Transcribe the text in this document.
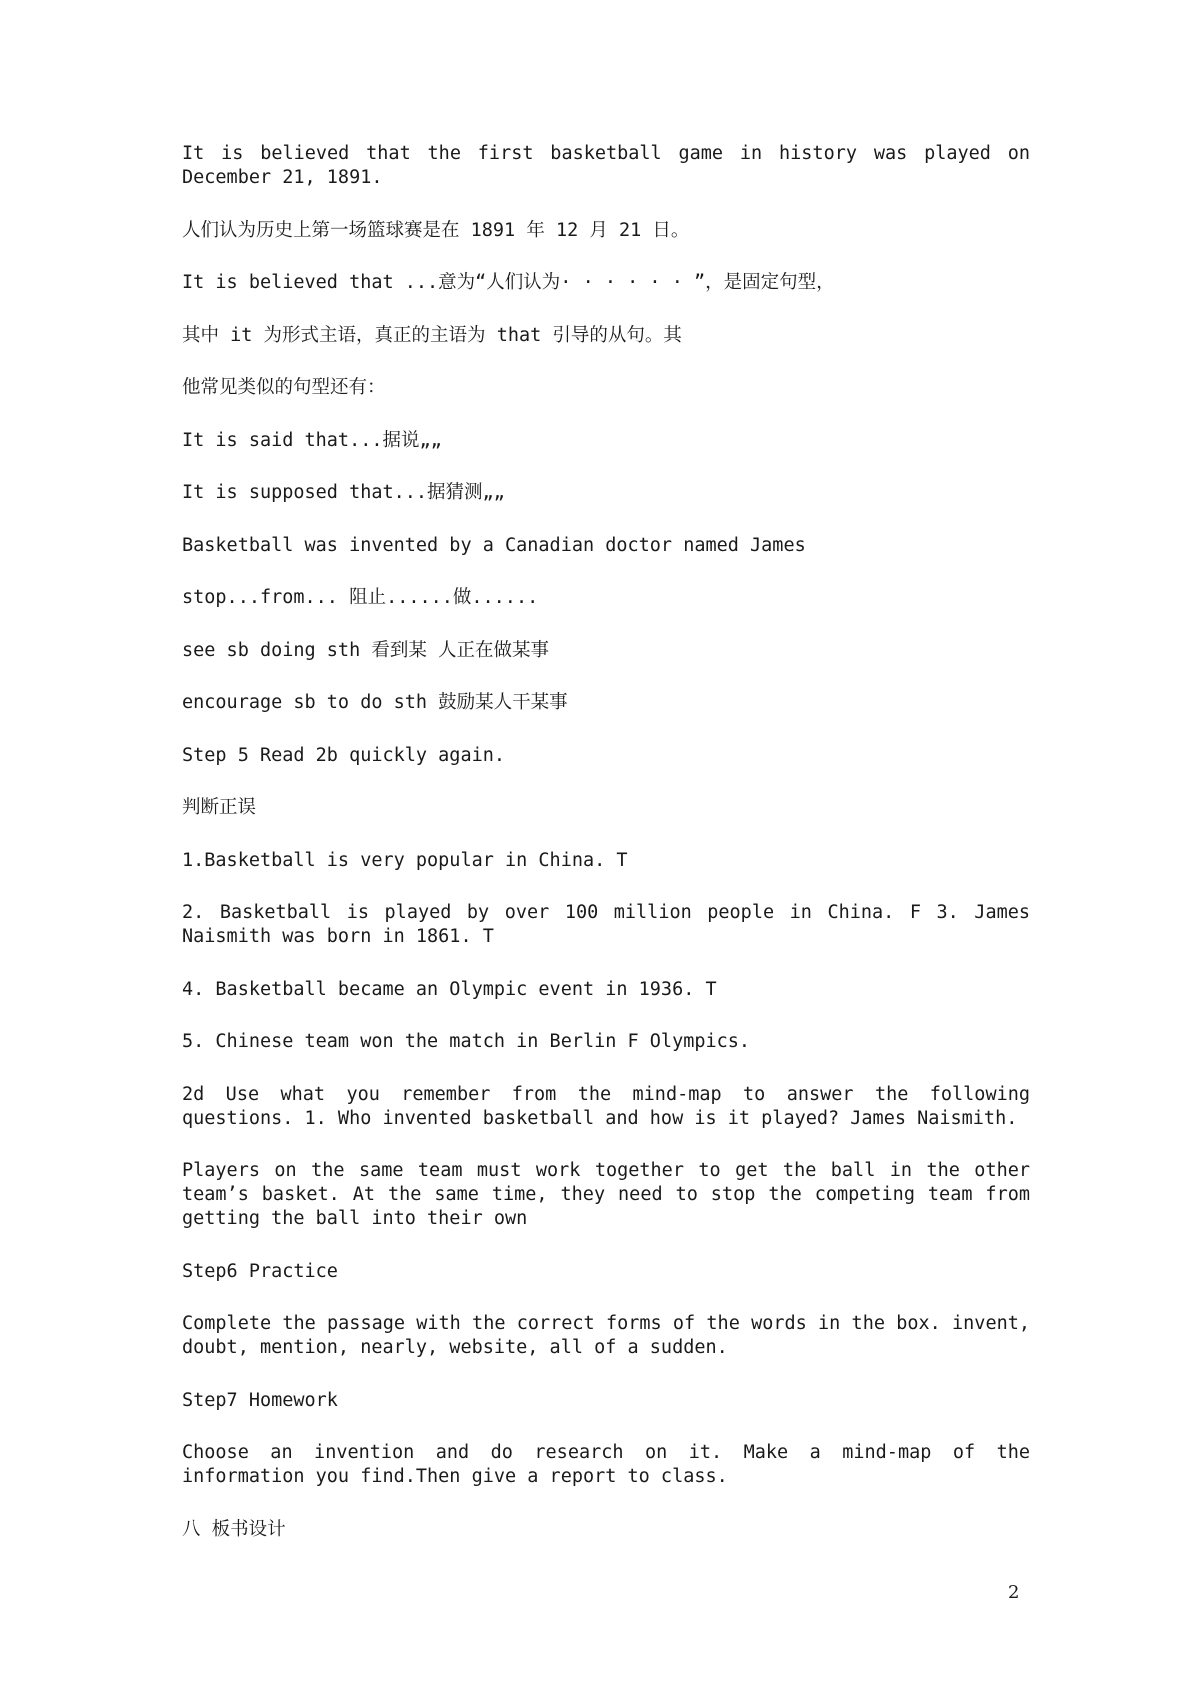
It is believed that the first basketball game in history was played on December 21, 1891.

人们认为历史上第一场篮球赛是在 1891 年 12 月 21 日。

It is believed that ...意为“人们认为· · · · · · ”，是固定句型，

其中 it 为形式主语，真正的主语为 that 引导的从句。其

他常见类似的句型还有：

It is said that...据说„„

It is supposed that...据猜测„„

Basketball was invented by a Canadian doctor named James

stop...from... 阻止......做......

see sb doing sth 看到某 人正在做某事

encourage sb to do sth 鼓励某人干某事

Step 5 Read 2b quickly again.

判断正误

1.Basketball is very popular in China. T

2. Basketball is played by over 100 million people in China. F 3. James Naismith was born in 1861. T

4. Basketball became an Olympic event in 1936. T

5. Chinese team won the match in Berlin F Olympics.

2d Use what you remember from the mind-map to answer the following questions. 1. Who invented basketball and how is it played? James Naismith.

Players on the same team must work together to get the ball in the other team’s basket. At the same time, they need to stop the competing team from getting the ball into their own

Step6 Practice

Complete the passage with the correct forms of the words in the box. invent, doubt, mention, nearly, website, all of a sudden.

Step7 Homework

Choose an invention and do research on it. Make a mind-map of the information you find.Then give a report to class.

八 板书设计

2
